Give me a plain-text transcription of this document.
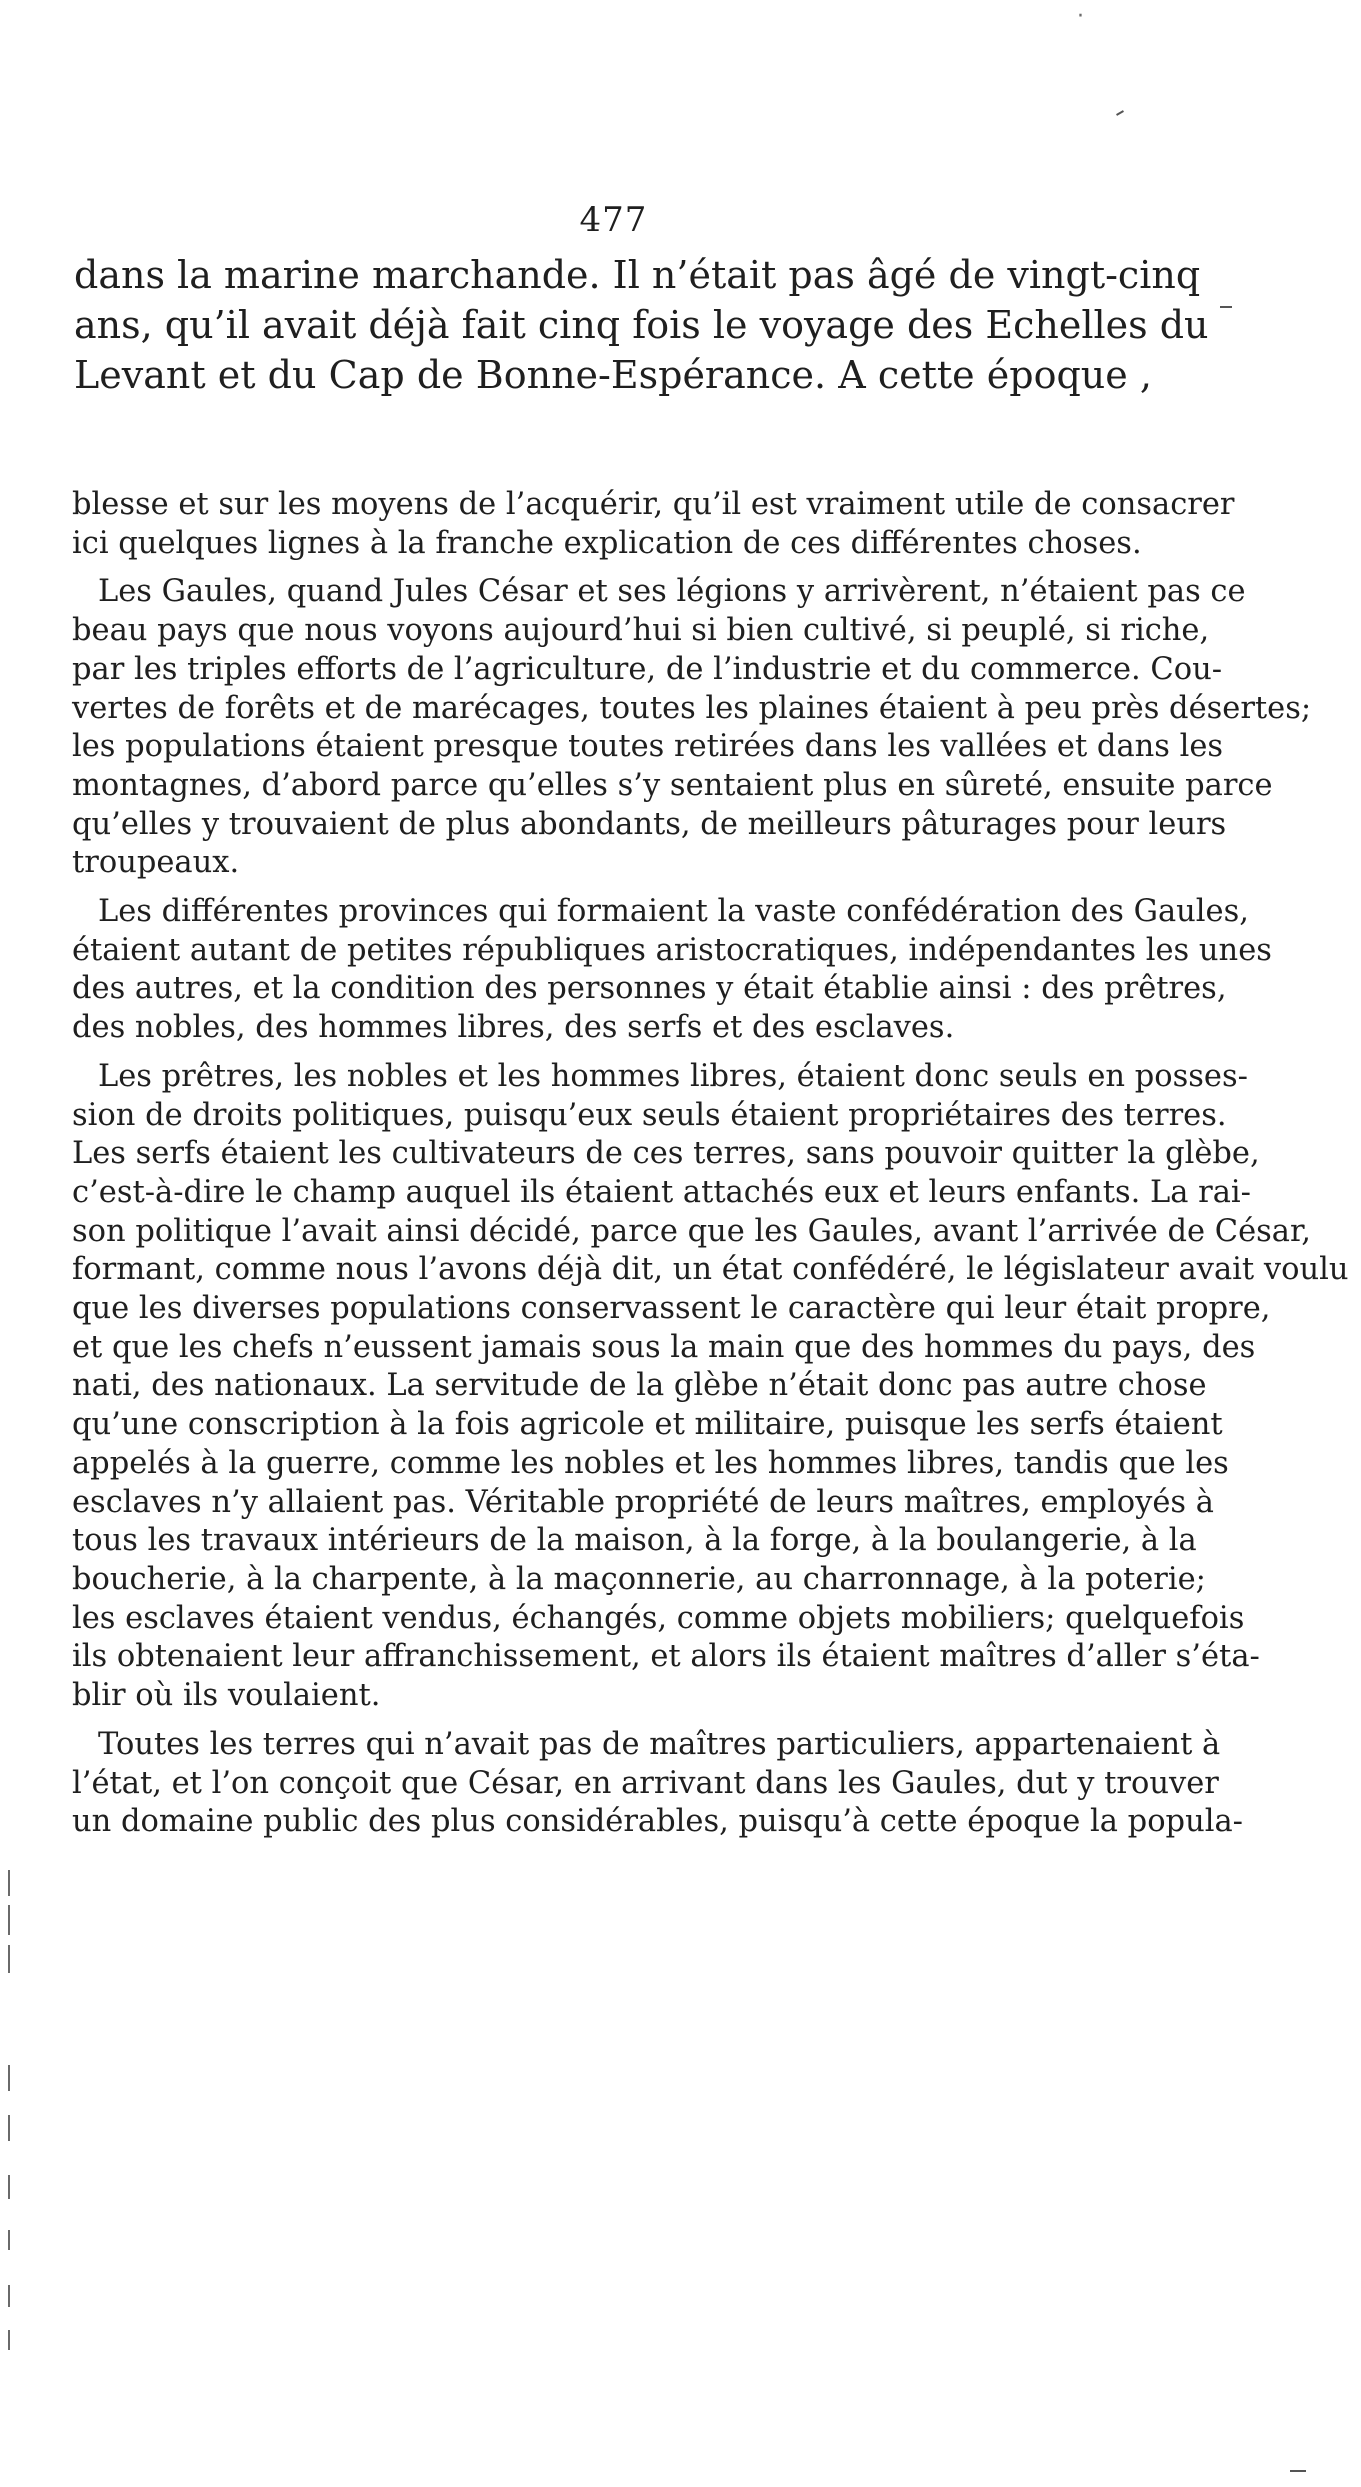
477
dans la marine marchande. Il n’était pas âgé de vingt-cinq
ans, qu’il avait déjà fait cinq fois le voyage des Echelles du
Levant et du Cap de Bonne-Espérance. A cette époque ,
blesse et sur les moyens de l’acquérir, qu’il est vraiment utile de consacrer
ici quelques lignes à la franche explication de ces différentes choses.
Les Gaules, quand Jules César et ses légions y arrivèrent, n’étaient pas ce
beau pays que nous voyons aujourd’hui si bien cultivé, si peuplé, si riche,
par les triples efforts de l’agriculture, de l’industrie et du commerce. Cou-
vertes de forêts et de marécages, toutes les plaines étaient à peu près désertes;
les populations étaient presque toutes retirées dans les vallées et dans les
montagnes, d’abord parce qu’elles s’y sentaient plus en sûreté, ensuite parce
qu’elles y trouvaient de plus abondants, de meilleurs pâturages pour leurs
troupeaux.
Les différentes provinces qui formaient la vaste confédération des Gaules,
étaient autant de petites républiques aristocratiques, indépendantes les unes
des autres, et la condition des personnes y était établie ainsi : des prêtres,
des nobles, des hommes libres, des serfs et des esclaves.
Les prêtres, les nobles et les hommes libres, étaient donc seuls en posses-
sion de droits politiques, puisqu’eux seuls étaient propriétaires des terres.
Les serfs étaient les cultivateurs de ces terres, sans pouvoir quitter la glèbe,
c’est-à-dire le champ auquel ils étaient attachés eux et leurs enfants. La rai-
son politique l’avait ainsi décidé, parce que les Gaules, avant l’arrivée de César,
formant, comme nous l’avons déjà dit, un état confédéré, le législateur avait voulu
que les diverses populations conservassent le caractère qui leur était propre,
et que les chefs n’eussent jamais sous la main que des hommes du pays, des
nati, des nationaux. La servitude de la glèbe n’était donc pas autre chose
qu’une conscription à la fois agricole et militaire, puisque les serfs étaient
appelés à la guerre, comme les nobles et les hommes libres, tandis que les
esclaves n’y allaient pas. Véritable propriété de leurs maîtres, employés à
tous les travaux intérieurs de la maison, à la forge, à la boulangerie, à la
boucherie, à la charpente, à la maçonnerie, au charronnage, à la poterie;
les esclaves étaient vendus, échangés, comme objets mobiliers; quelquefois
ils obtenaient leur affranchissement, et alors ils étaient maîtres d’aller s’éta-
blir où ils voulaient.
Toutes les terres qui n’avait pas de maîtres particuliers, appartenaient à
l’état, et l’on conçoit que César, en arrivant dans les Gaules, dut y trouver
un domaine public des plus considérables, puisqu’à cette époque la popula-
·
